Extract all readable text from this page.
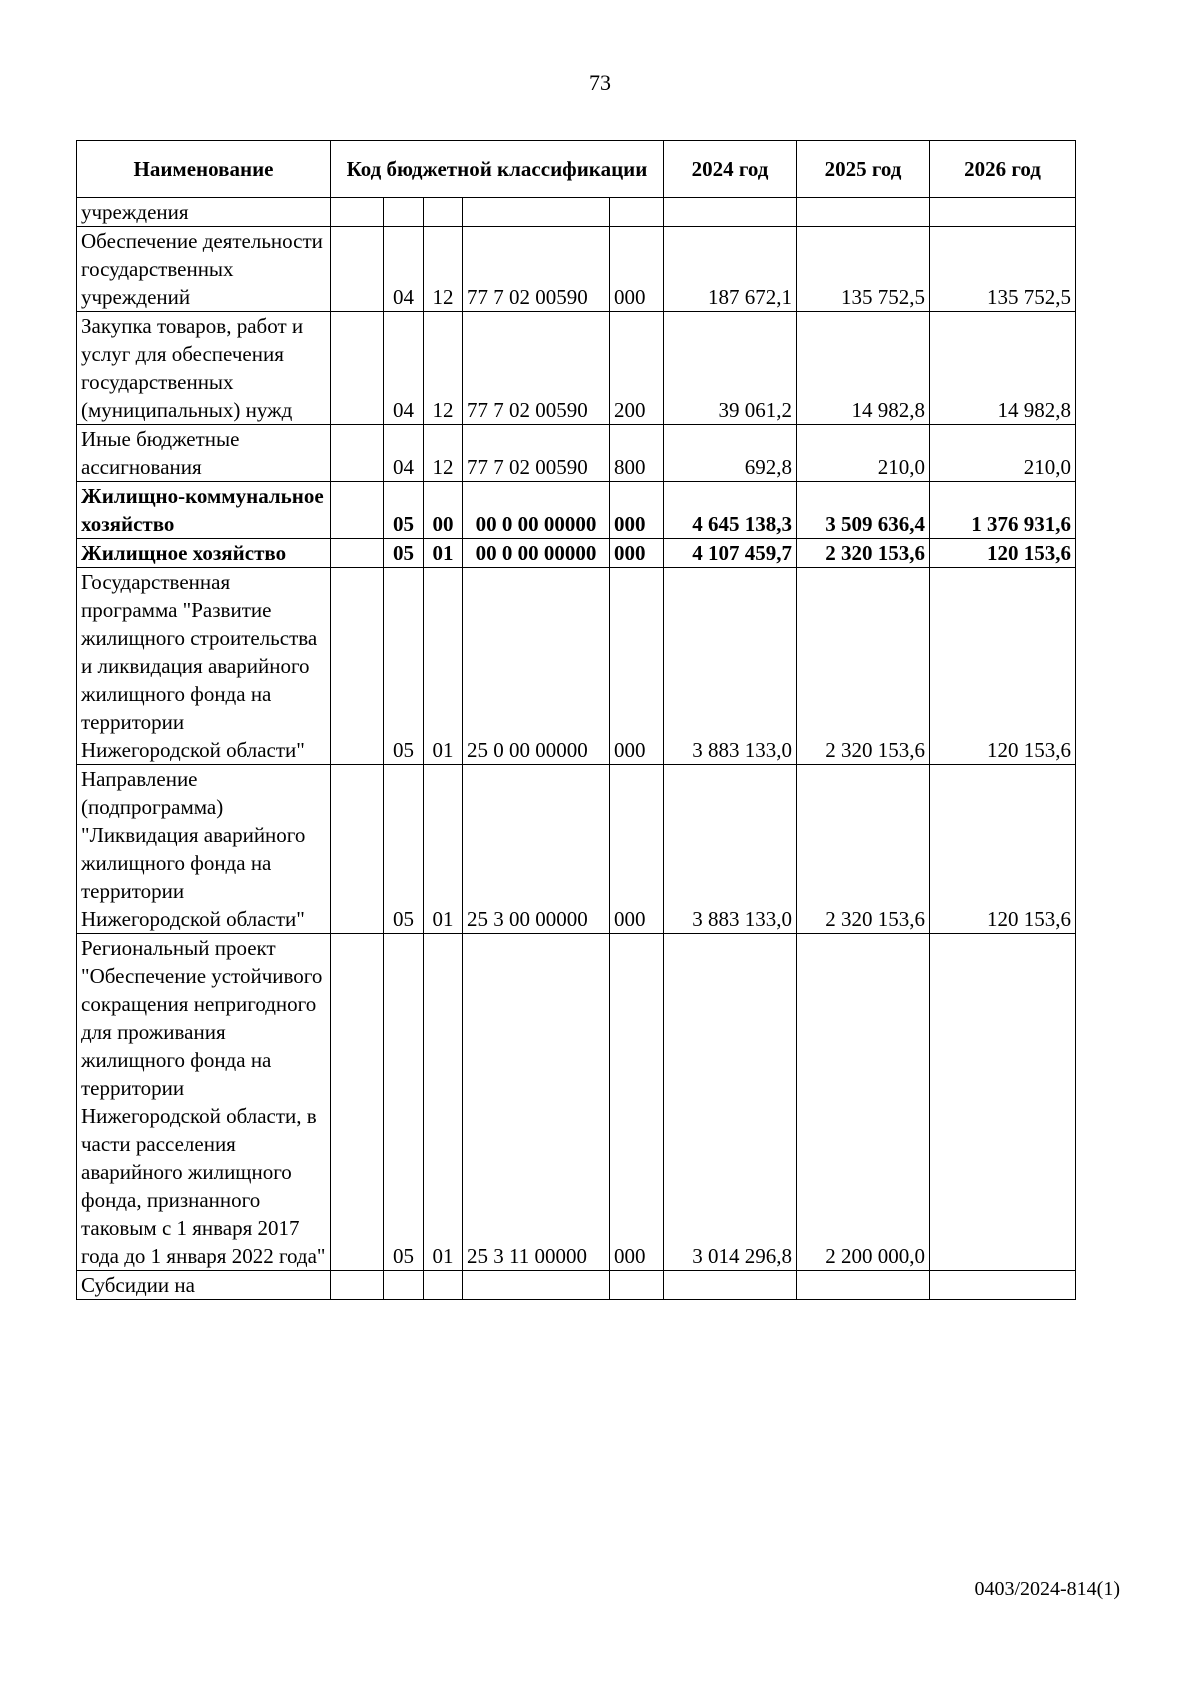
73
Наименование	Код бюджетной классификации					2024 год	2025 год	2026 год
учреждения								
Обеспечение деятельности государственных учреждений		04	12	77 7 02 00590	000	187 672,1	135 752,5	135 752,5
Закупка товаров, работ и услуг для обеспечения государственных (муниципальных) нужд		04	12	77 7 02 00590	200	39 061,2	14 982,8	14 982,8
Иные бюджетные ассигнования		04	12	77 7 02 00590	800	692,8	210,0	210,0
Жилищно-коммунальное хозяйство		05	00	00 0 00 00000	000	4 645 138,3	3 509 636,4	1 376 931,6
Жилищное хозяйство		05	01	00 0 00 00000	000	4 107 459,7	2 320 153,6	120 153,6
Государственная программа "Развитие жилищного строительства и ликвидация аварийного жилищного фонда на территории Нижегородской области"		05	01	25 0 00 00000	000	3 883 133,0	2 320 153,6	120 153,6
Направление (подпрограмма) "Ликвидация аварийного жилищного фонда на территории Нижегородской области"		05	01	25 3 00 00000	000	3 883 133,0	2 320 153,6	120 153,6
Региональный проект "Обеспечение устойчивого сокращения непригодного для проживания жилищного фонда на территории Нижегородской области, в части расселения аварийного жилищного фонда, признанного таковым с 1 января 2017 года до 1 января 2022 года"		05	01	25 3 11 00000	000	3 014 296,8	2 200 000,0	
Субсидии на								
0403/2024-814(1)
